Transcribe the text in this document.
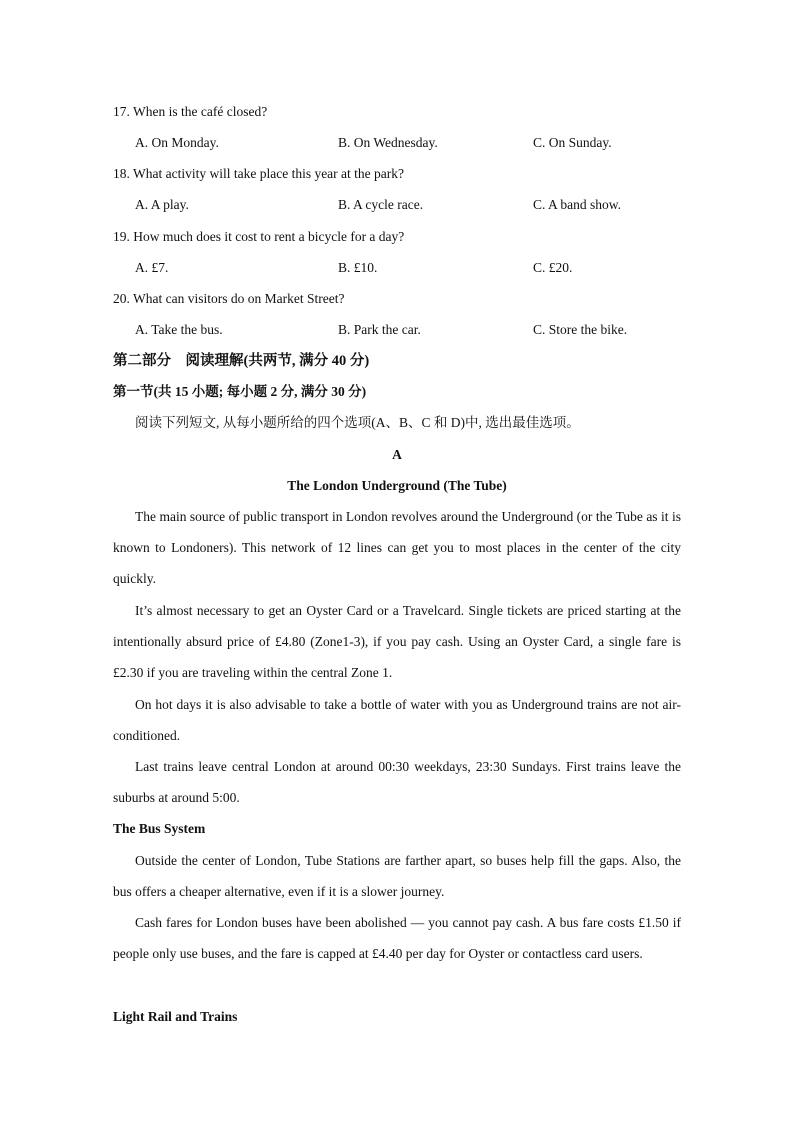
17. When is the café closed?
A. On Monday.	B. On Wednesday.	C. On Sunday.
18. What activity will take place this year at the park?
A. A play.	B. A cycle race.	C. A band show.
19. How much does it cost to rent a bicycle for a day?
A. £7.	B. £10.	C. £20.
20. What can visitors do on Market Street?
A. Take the bus.	B. Park the car.	C. Store the bike.
第二部分　阅读理解(共两节, 满分 40 分)
第一节(共 15 小题; 每小题 2 分, 满分 30 分)
阅读下列短文, 从每小题所给的四个选项(A、B、C 和 D)中, 选出最佳选项。
A
The London Underground (The Tube)

The main source of public transport in London revolves around the Underground (or the Tube as it is known to Londoners). This network of 12 lines can get you to most places in the center of the city quickly.

It’s almost necessary to get an Oyster Card or a Travelcard. Single tickets are priced starting at the intentionally absurd price of £4.80 (Zone1-3), if you pay cash. Using an Oyster Card, a single fare is £2.30 if you are traveling within the central Zone 1.

On hot days it is also advisable to take a bottle of water with you as Underground trains are not air-conditioned.

Last trains leave central London at around 00:30 weekdays, 23:30 Sundays. First trains leave the suburbs at around 5:00.

The Bus System

Outside the center of London, Tube Stations are farther apart, so buses help fill the gaps. Also, the bus offers a cheaper alternative, even if it is a slower journey.

Cash fares for London buses have been abolished — you cannot pay cash. A bus fare costs £1.50 if people only use buses, and the fare is capped at £4.40 per day for Oyster or contactless card users.

Light Rail and Trains
